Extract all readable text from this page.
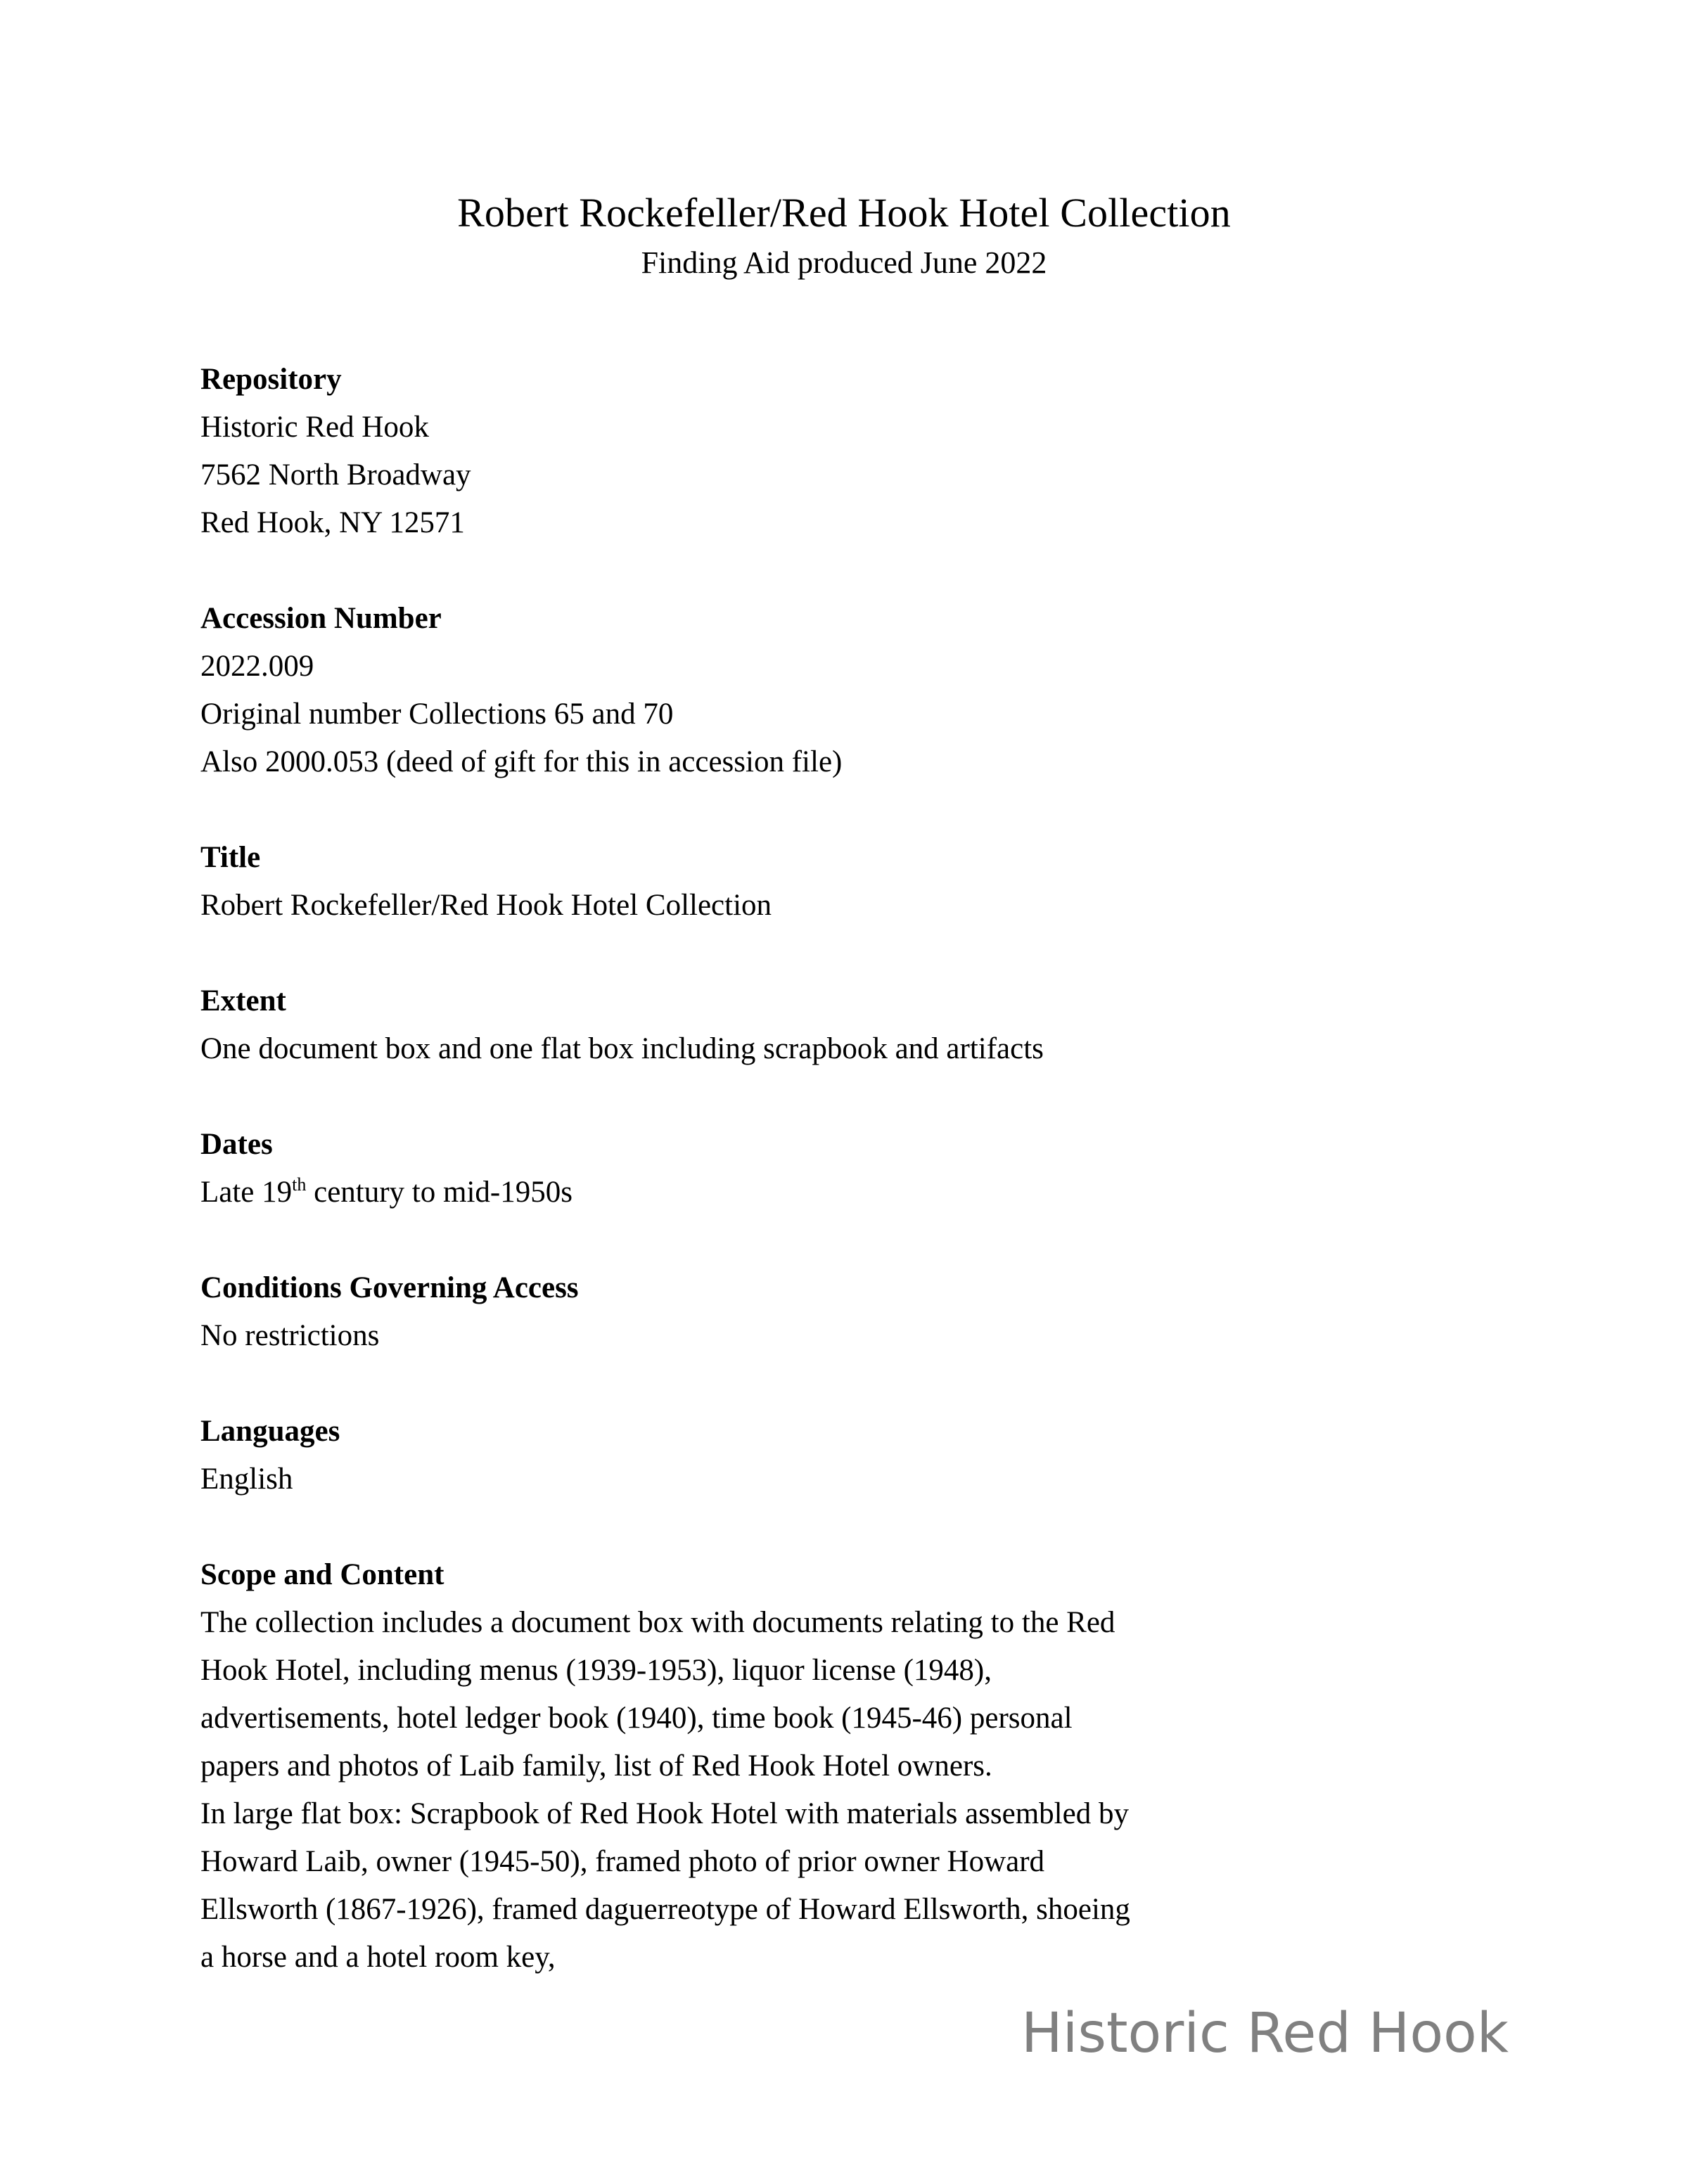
Robert Rockefeller/Red Hook Hotel Collection
Finding Aid produced June 2022
Repository
Historic Red Hook
7562 North Broadway
Red Hook, NY 12571
Accession Number
2022.009
Original number Collections 65 and 70
Also 2000.053 (deed of gift for this in accession file)
Title
Robert Rockefeller/Red Hook Hotel Collection
Extent
One document box and one flat box including scrapbook and artifacts
Dates
Late 19th century to mid-1950s
Conditions Governing Access
No restrictions
Languages
English
Scope and Content
The collection includes a document box with documents relating to the Red
Hook Hotel, including menus (1939-1953), liquor license (1948),
advertisements, hotel ledger book (1940), time book (1945-46) personal
papers and photos of Laib family, list of Red Hook Hotel owners.
In large flat box: Scrapbook of Red Hook Hotel with materials assembled by
Howard Laib, owner (1945-50), framed photo of prior owner Howard
Ellsworth (1867-1926), framed daguerreotype of Howard Ellsworth, shoeing
a horse and a hotel room key,
Historic Red Hook
